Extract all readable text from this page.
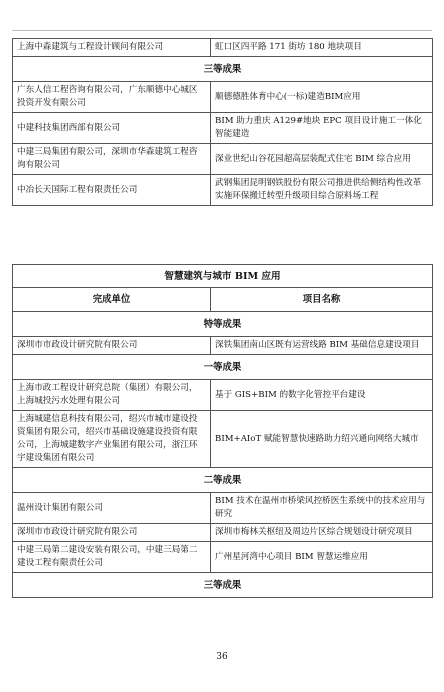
上海中森建筑与工程设计顾问有限公司	虹口区四平路 171 街坊 180 地块项目
三等成果	
广东人信工程咨询有限公司，广东顺德中心城区投资开发有限公司	顺德德胜体育中心(一标)建造BIM应用
中建科技集团西部有限公司	BIM 助力重庆 A129#地块 EPC 项目设计施工一体化智能建造
中建三局集团有限公司，深圳市华森建筑工程咨询有限公司	深业世纪山谷花园超高层装配式住宅 BIM 综合应用
中冶长天国际工程有限责任公司	武钢集团昆明钢铁股份有限公司推进供给侧结构性改革实施环保搬迁转型升级项目综合原料场工程
智慧建筑与城市 BIM 应用	
完成单位	项目名称
特等成果	
深圳市市政设计研究院有限公司	深铁集团南山区既有运营线路 BIM 基础信息建设项目
一等成果	
上海市政工程设计研究总院（集团）有限公司，上海城投污水处理有限公司	基于 GIS+BIM 的数字化管控平台建设
上海城建信息科技有限公司，绍兴市城市建设投资集团有限公司，绍兴市基础设施建设投资有限公司，上海城建数字产业集团有限公司，浙江环宇建设集团有限公司	BIM+AIoT 赋能智慧快速路助力绍兴通向网络大城市
二等成果	
温州设计集团有限公司	BIM 技术在温州市桥梁风控桥医生系统中的技术应用与研究
深圳市市政设计研究院有限公司	深圳市梅林关枢纽及周边片区综合规划设计研究项目
中建三局第二建设安装有限公司，中建三局第二建设工程有限责任公司	广州星河湾中心项目 BIM 智慧运维应用
三等成果	
36
